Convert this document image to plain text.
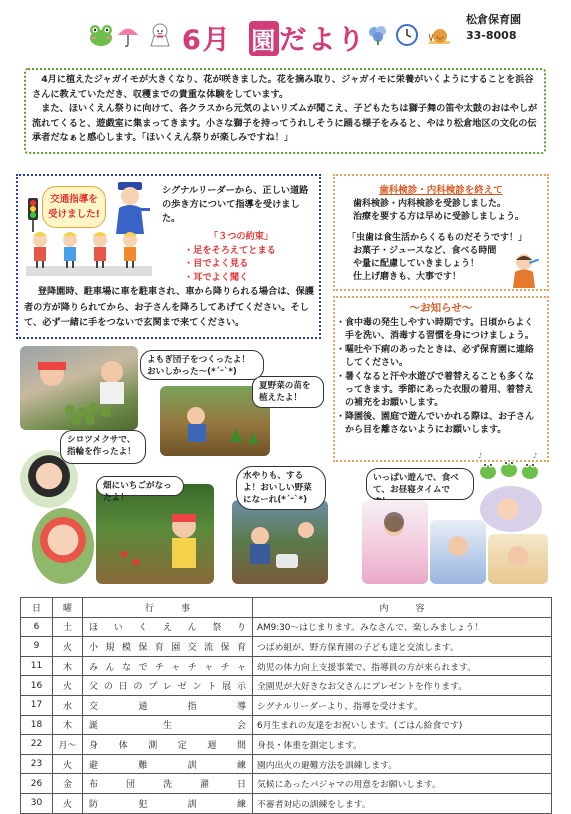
6月 園だより
松倉保育園
33-8008

4月に植えたジャガイモが大きくなり、花が咲きました。花を摘み取り、ジャガイモに栄養がいくようにすることを浜谷さんに教えていただき、収穫までの貴重な体験をしています。

また、ほいくえん祭りに向けて、各クラスから元気のよいリズムが聞こえ、子どもたちは獅子舞の笛や太鼓のおはやしが流れてくると、遊戯室に集まってきます。小さな獅子を持ってうれしそうに踊る様子をみると、やはり松倉地区の文化の伝承者だなぁと感心します。「ほいくえん祭りが楽しみですね！」

交通指導を
受けました!
シグナルリーダーから、正しい道路の歩き方について指導を受けました。
「３つの約束」
・足をそろえてとまる
・目でよく見る
・耳でよく聞く
登降園時、駐車場に車を駐車され、車から降りられる場合は、保護者の方が降りられてから、お子さんを降ろしてあげてください。そして、必ず一緒に手をつないで玄関まで来てください。
歯科検診・内科検診を終えて
歯科検診・内科検診を受診しました。
治療を要する方は早めに受診しましょう。
「虫歯は食生活からくるものだそうです！」
お菓子・ジュースなど、食べる時間
や量に配慮していきましょう！
仕上げ磨きも、大事です！
～お知らせ～
・食中毒の発生しやすい時期です。日頃からよく手を洗い、消毒する習慣を身につけましょう。
・嘔吐や下痢のあったときは、必ず保育園に連絡してください。
・暑くなると汗や水遊びで着替えることも多くなってきます。季節にあった衣服の着用、着替えの補充をお願いします。
・降園後、園庭で遊んでいかれる際は、お子さんから目を離さないようにお願いします。
よもぎ団子をつくったよ！おいしかった～(*´ᵕ`*)
夏野菜の苗を植えたよ！
シロツメクサで、指輪を作ったよ！
畑にいちごがなったよ！
水やりも、するよ！おいしい野菜になーれ(*´ᵕ`*)
いっぱい遊んで、食べて、お昼寝タイムで
♪	♪
日	曜	行　　　事	内　　　容
6	土	ほいくえん祭り	AM9:30～はじまります。みなさんで、楽しみましょう！
9	火	小規模保育園交流保育	つばめ組が、野方保育園の子ども達と交流します。
11	木	みんなでチャチャチャ	幼児の体力向上支援事業で、指導員の方が来られます。
16	火	父の日のプレゼント展示	全園児が大好きなお父さんにプレゼントを作ります。
17	水	交通指導	シグナルリーダーより、指導を受けます。
18	木	誕生会	6月生まれの友達をお祝いします。(ごはん給食です)
22	月～	身体測定週間	身長・体重を測定します。
23	火	避難訓練	園内出火の避難方法を訓練します。
26	金	布団洗濯日	気候にあったパジャマの用意をお願いします。
30	火	防犯訓練	不審者対応の訓練をします。
